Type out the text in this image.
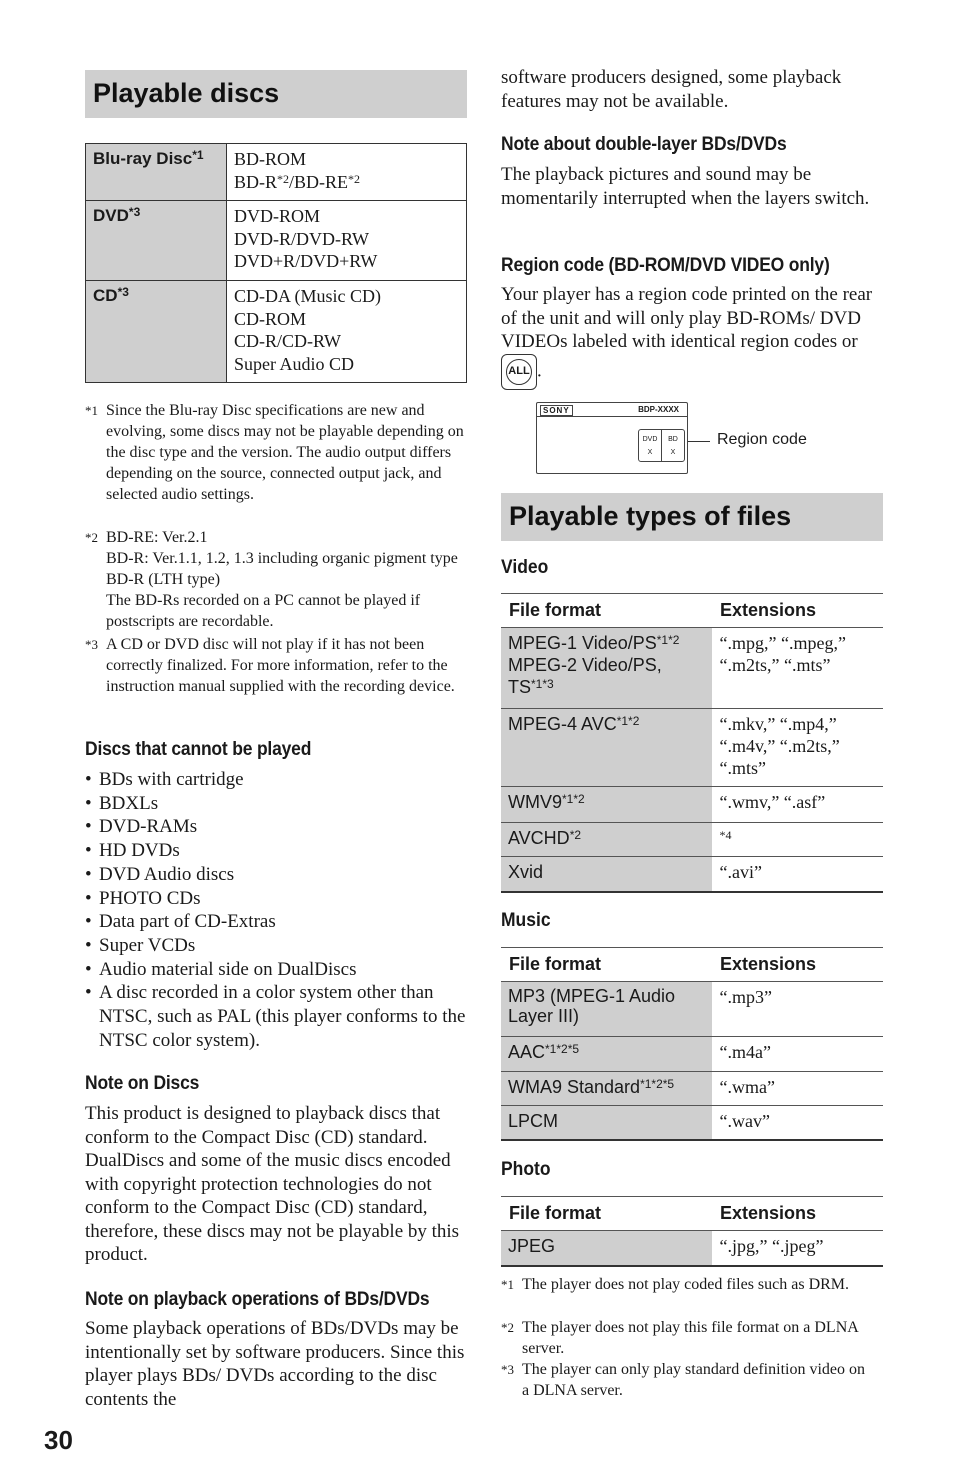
Playable discs
Blu-ray Disc$^{*1}$	BD-ROM
$BD-R^{*2}/BD-RE^{*2}$

DVD$^{*3}$	DVD-ROM
DVD-R/DVD-RW
DVD+R/DVD+RW

CD$^{*3}$	CD-DA (Music CD)
CD-ROM
CD-R/CD-RW
Super Audio CD
*1 Since the Blu-ray Disc specifications are new and evolving, some discs may not be playable depending on the disc type and the version. The audio output differs depending on the source, connected output jack, and selected audio settings.
*2 BD-RE: Ver.2.1
BD-R: Ver.1.1, 1.2, 1.3 including organic pigment type BD-R (LTH type)
The BD-Rs recorded on a PC cannot be played if postscripts are recordable.
*3 A CD or DVD disc will not play if it has not been correctly finalized. For more information, refer to the instruction manual supplied with the recording device.
Discs that cannot be played
• BDs with cartridge
• BDXLs
• DVD-RAMs
• HD DVDs
• DVD Audio discs
• PHOTO CDs
• Data part of CD-Extras
• Super VCDs
• Audio material side on DualDiscs
• A disc recorded in a color system other than NTSC, such as PAL (this player conforms to the NTSC color system).
Note on Discs
This product is designed to playback discs that conform to the Compact Disc (CD) standard. DualDiscs and some of the music discs encoded with copyright protection technologies do not conform to the Compact Disc (CD) standard, therefore, these discs may not be playable by this product.
Note on playback operations of BDs/DVDs
Some playback operations of BDs/DVDs may be intentionally set by software producers. Since this player plays BDs/ DVDs according to the disc contents the
30
software producers designed, some playback features may not be available.
Note about double-layer BDs/DVDs
The playback pictures and sound may be momentarily interrupted when the layers switch.
Region code (BD-ROM/DVD VIDEO only)
Your player has a region code printed on the rear of the unit and will only play BD-ROMs/ DVD VIDEOs labeled with identical region codes or
ALL .
SONY	BDP-XXXX
DVD
X
BD
X
Region code
Playable types of files
Video
File format	Extensions
MPEG-1 Video/$PS^{*1*2}$
MPEG-2 Video/PS, $TS^{*1*3}$	“.mpg,” “.mpeg,” “.m2ts,” “.mts”
MPEG-4 $AVC^{*1*2}$	“.mkv,” “.mp4,” “.m4v,” “.m2ts,” “.mts”
$WMV9^{*1*2}$	“.wmv,” “.asf”
AVCHD$^{*2}$	$^{*4}$
Xvid	“.avi”
Music
File format	Extensions
MP3 (MPEG-1 Audio Layer III)	“.mp3”
$AAC^{*1*2*5}$	“.m4a”
WMA9 Standard$^{*1*2*5}$	“.wma”
LPCM	“.wav”
Photo
File format	Extensions
JPEG	“.jpg,” “.jpeg”
*1 The player does not play coded files such as DRM.
*2 The player does not play this file format on a DLNA server.
*3 The player can only play standard definition video on a DLNA server.
